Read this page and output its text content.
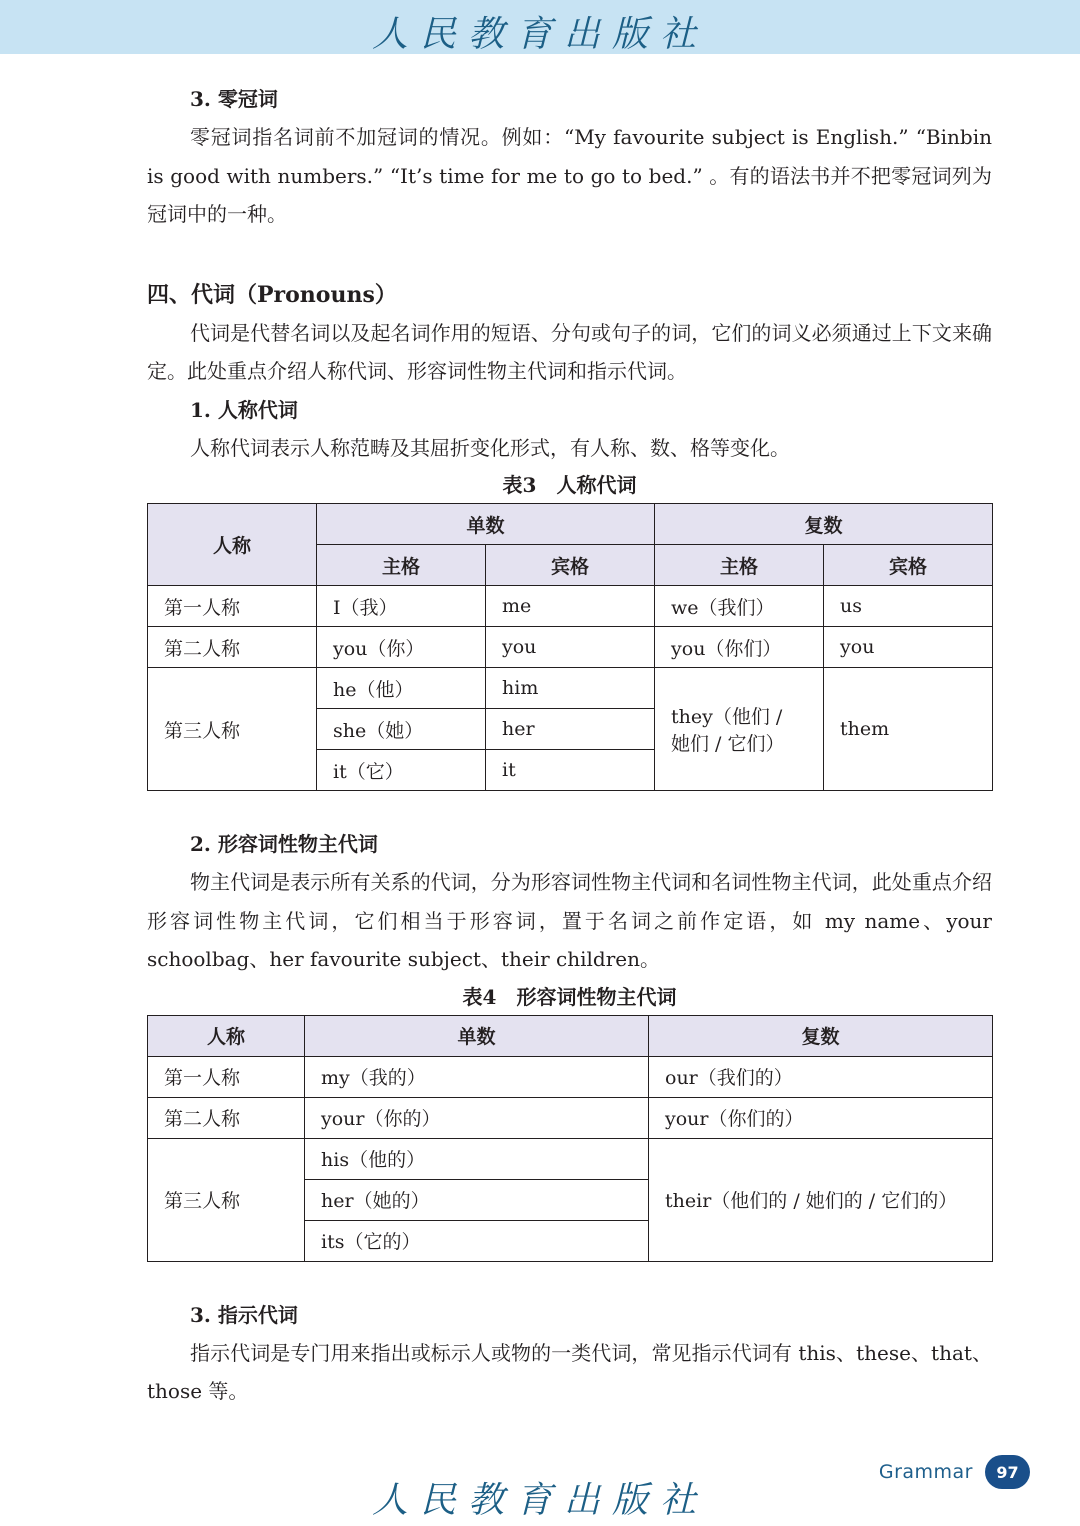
人民教育出版社

3. 零冠词

零冠词指名词前不加冠词的情况。例如：“My favourite subject is English.” “Binbin is good with numbers.” “It’s time for me to go to bed.” 。有的语法书并不把零冠词列为冠词中的一种。

四、代词（Pronouns）

代词是代替名词以及起名词作用的短语、分句或句子的词，它们的词义必须通过上下文来确定。此处重点介绍人称代词、形容词性物主代词和指示代词。

1. 人称代词

人称代词表示人称范畴及其屈折变化形式，有人称、数、格等变化。

表3　人称代词
人称	单数		复数	
	主格	宾格	主格	宾格
第一人称	I（我）	me	we（我们）	us
第二人称	you（你）	you	you（你们）	you
第三人称	he（他）	him	they（他们 / 她们 / 它们）	them
	she（她）	her		
	it（它）	it		

2. 形容词性物主代词

物主代词是表示所有关系的代词，分为形容词性物主代词和名词性物主代词，此处重点介绍形容词性物主代词，它们相当于形容词，置于名词之前作定语，如 my name、your schoolbag、her favourite subject、their children。

表4　形容词性物主代词
人称	单数	复数
第一人称	my（我的）	our（我们的）
第二人称	your（你的）	your（你们的）
第三人称	his（他的）	their（他们的 / 她们的 / 它们的）
	her（她的）	
	its（它的）	

3. 指示代词

指示代词是专门用来指出或标示人或物的一类代词，常见指示代词有 this、these、that、those 等。

Grammar	97
人民教育出版社
